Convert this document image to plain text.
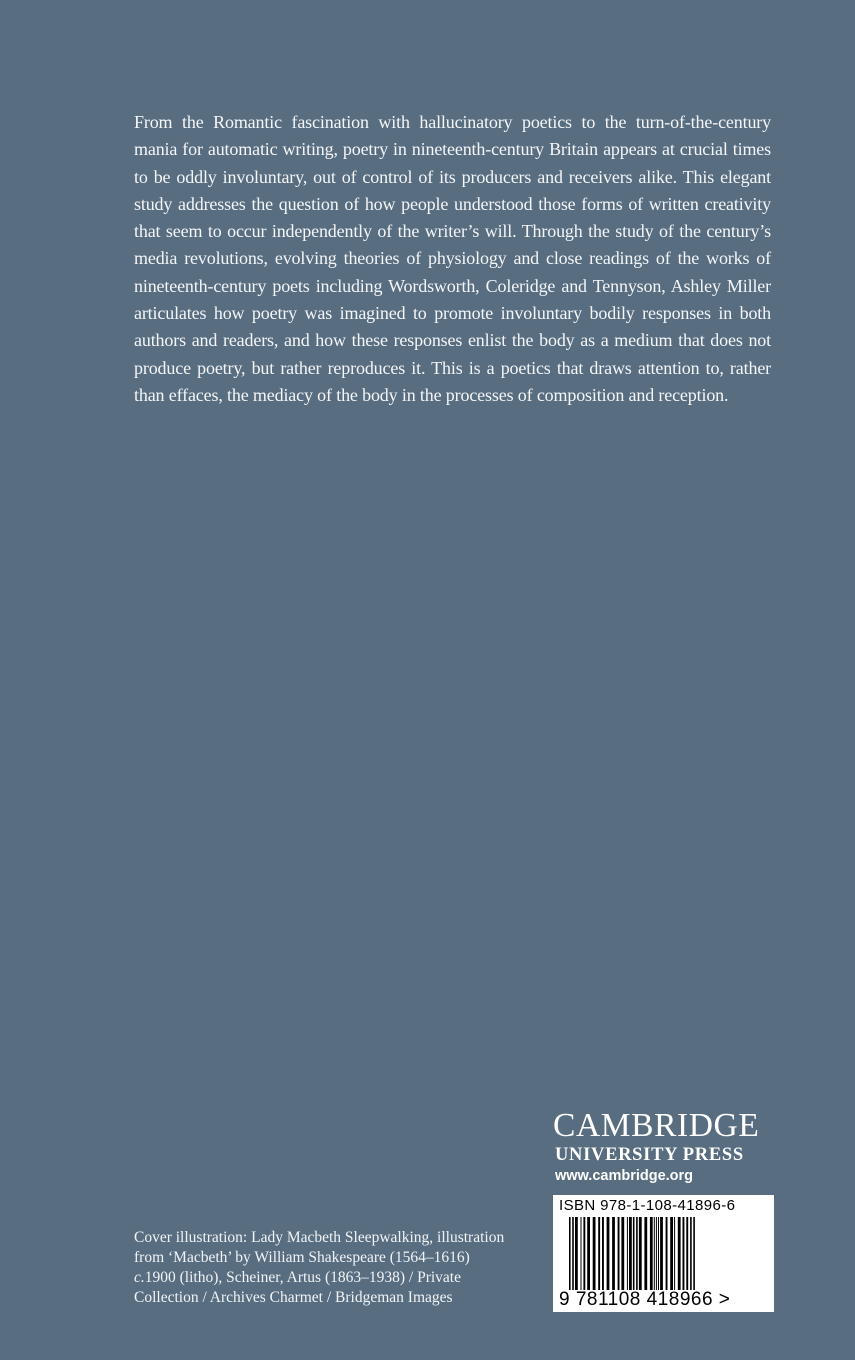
From the Romantic fascination with hallucinatory poetics to the turn-of-the-century mania for automatic writing, poetry in nineteenth-century Britain appears at crucial times to be oddly involuntary, out of control of its producers and receivers alike. This elegant study addresses the question of how people understood those forms of written creativity that seem to occur independently of the writer’s will. Through the study of the century’s media revolutions, evolving theories of physiology and close readings of the works of nineteenth-century poets including Wordsworth, Coleridge and Tennyson, Ashley Miller articulates how poetry was imagined to promote involuntary bodily responses in both authors and readers, and how these responses enlist the body as a medium that does not produce poetry, but rather reproduces it. This is a poetics that draws attention to, rather than effaces, the mediacy of the body in the processes of composition and reception.

Cover illustration: Lady Macbeth Sleepwalking, illustration
from ‘Macbeth’ by William Shakespeare (1564–1616)
c.1900 (litho), Scheiner, Artus (1863–1938) / Private
Collection / Archives Charmet / Bridgeman Images

CAMBRIDGE
UNIVERSITY PRESS
www.cambridge.org
ISBN 978-1-108-41896-6
9 781108 418966 >
